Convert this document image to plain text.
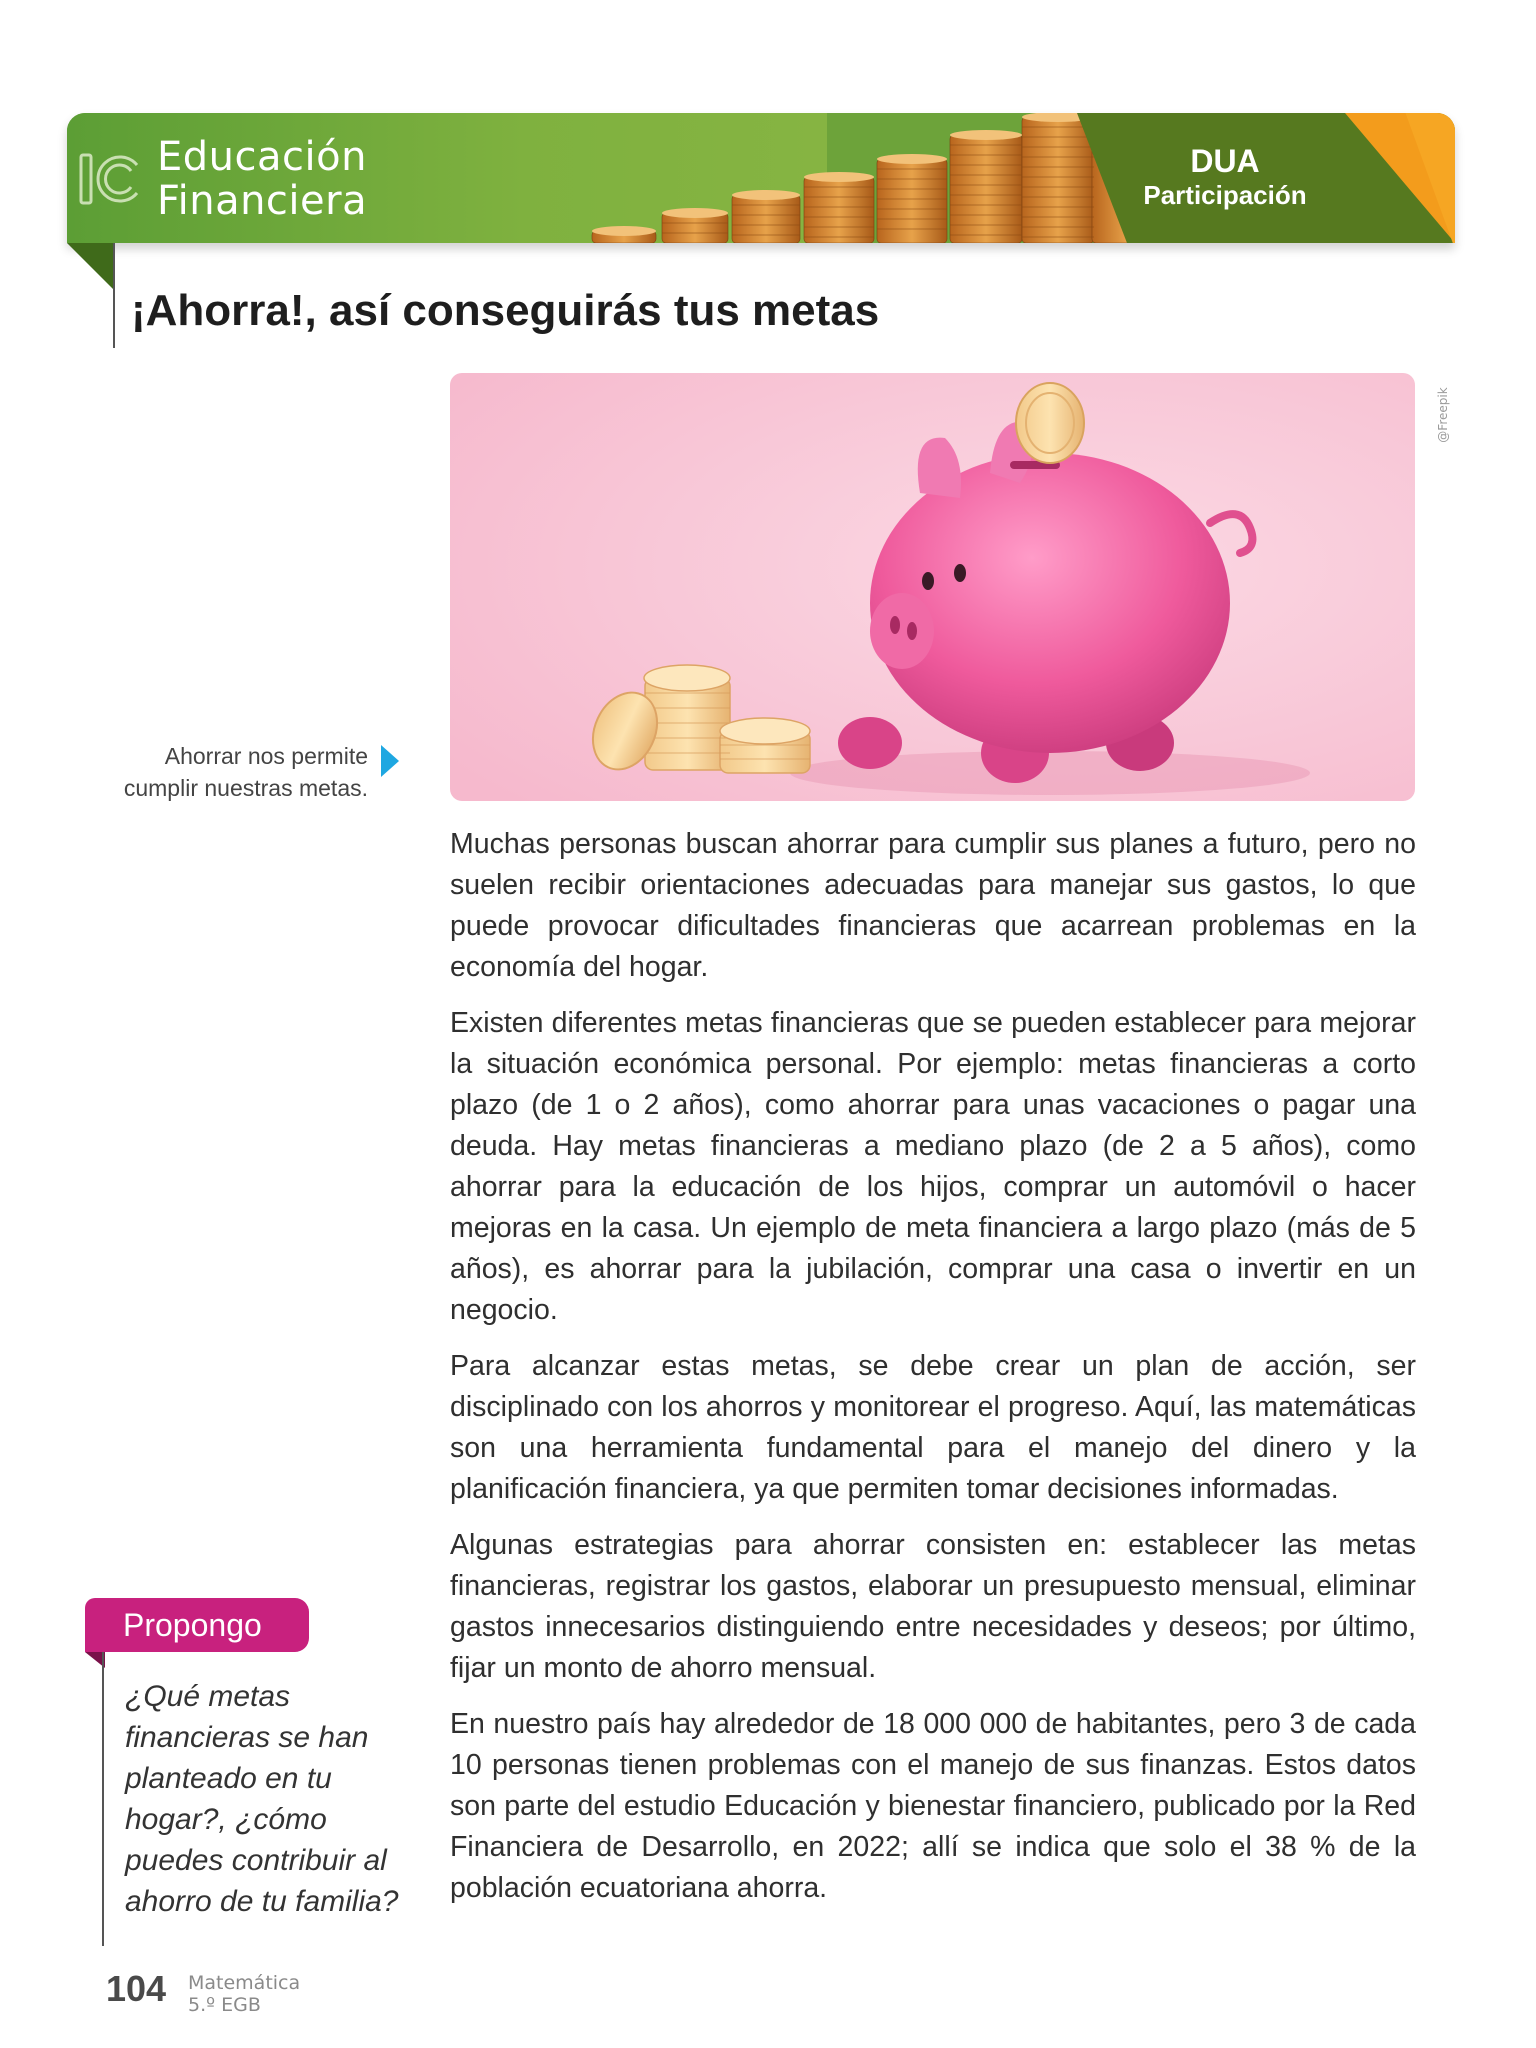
Educación
Financiera
DUA
Participación
¡Ahorra!, así conseguirás tus metas
@Freepik
Ahorrar nos permite cumplir nuestras metas.

Muchas personas buscan ahorrar para cumplir sus planes a futuro, pero no suelen recibir orientaciones adecuadas para manejar sus gastos, lo que puede provocar dificultades financieras que acarrean problemas en la economía del hogar.

Existen diferentes metas financieras que se pueden establecer para mejorar la situación económica personal. Por ejemplo: metas financieras a corto plazo (de 1 o 2 años), como ahorrar para unas vacaciones o pagar una deuda. Hay metas financieras a mediano plazo (de 2 a 5 años), como ahorrar para la educación de los hijos, comprar un automóvil o hacer mejoras en la casa. Un ejemplo de meta financiera a largo plazo (más de 5 años), es ahorrar para la jubilación, comprar una casa o invertir en un negocio.

Para alcanzar estas metas, se debe crear un plan de acción, ser disciplinado con los ahorros y monitorear el progreso. Aquí, las matemáticas son una herramienta fundamental para el manejo del dinero y la planificación financiera, ya que permiten tomar decisiones informadas.

Algunas estrategias para ahorrar consisten en: establecer las metas financieras, registrar los gastos, elaborar un presupuesto mensual, eliminar gastos innecesarios distinguiendo entre necesidades y deseos; por último, fijar un monto de ahorro mensual.

En nuestro país hay alrededor de 18 000 000 de habitantes, pero 3 de cada 10 personas tienen problemas con el manejo de sus finanzas. Estos datos son parte del estudio Educación y bienestar financiero, publicado por la Red Financiera de Desarrollo, en 2022; allí se indica que solo el 38 % de la población ecuatoriana ahorra.

Propongo
¿Qué metas financieras se han planteado en tu hogar?, ¿cómo puedes contribuir al ahorro de tu familia?
104 Matemática
5.º EGB
